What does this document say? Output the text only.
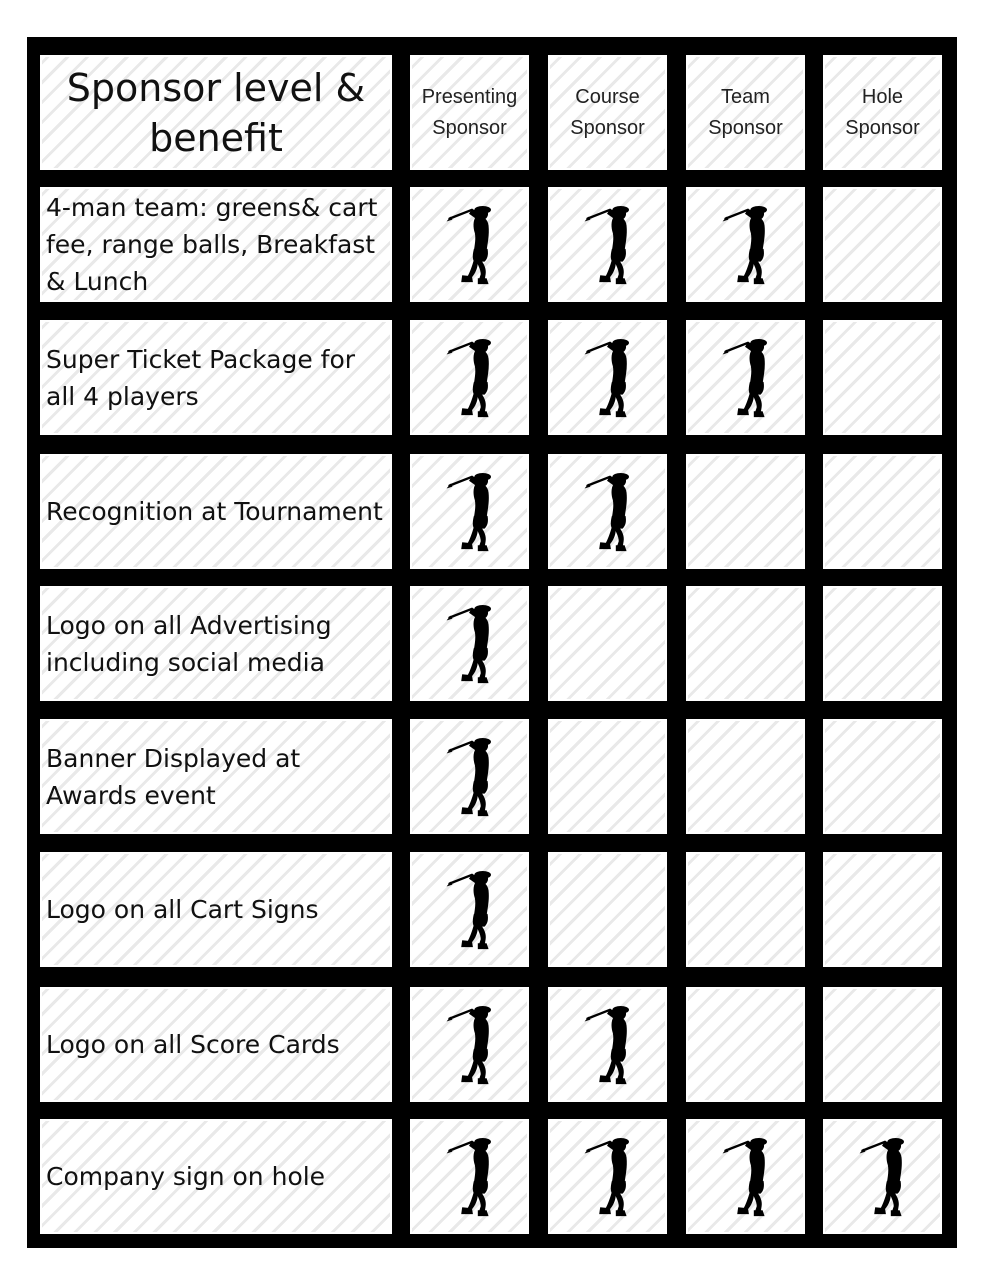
Sponsor level & benefit
Presenting Sponsor
Course Sponsor
Team Sponsor
Hole Sponsor
4-man team: greens& cart fee, range balls, Breakfast & Lunch
Super Ticket Package for all 4 players
Recognition at Tournament
Logo on all Advertising including social media
Banner Displayed at Awards event
Logo on all Cart Signs
Logo on all Score Cards
Company sign on hole
